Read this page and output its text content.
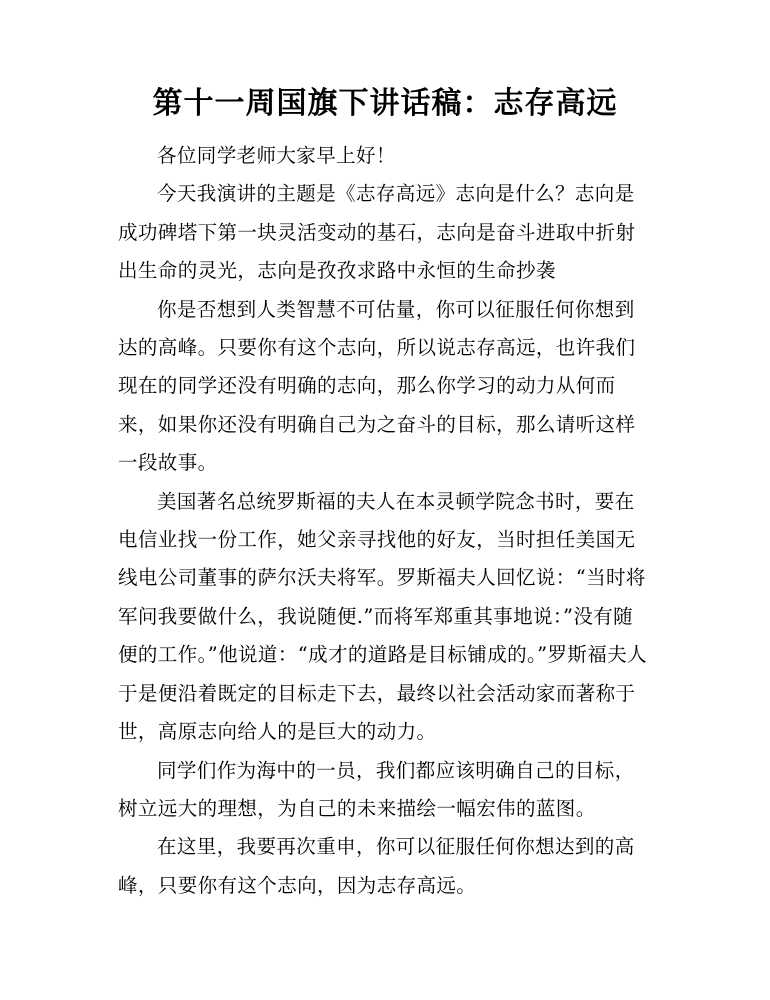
第十一周国旗下讲话稿：志存高远

各位同学老师大家早上好！

今天我演讲的主题是《志存高远》志向是什么？志向是成功碑塔下第一块灵活变动的基石，志向是奋斗进取中折射出生命的灵光，志向是孜孜求路中永恒的生命抄袭

你是否想到人类智慧不可估量，你可以征服任何你想到达的高峰。只要你有这个志向，所以说志存高远，也许我们现在的同学还没有明确的志向，那么你学习的动力从何而来，如果你还没有明确自己为之奋斗的目标，那么请听这样一段故事。

美国著名总统罗斯福的夫人在本灵顿学院念书时，要在电信业找一份工作，她父亲寻找他的好友，当时担任美国无线电公司董事的萨尔沃夫将军。罗斯福夫人回忆说：“当时将军问我要做什么，我说随便.”而将军郑重其事地说：”没有随便的工作。”他说道：“成才的道路是目标铺成的。”罗斯福夫人于是便沿着既定的目标走下去，最终以社会活动家而著称于世，高原志向给人的是巨大的动力。

同学们作为海中的一员，我们都应该明确自己的目标，树立远大的理想，为自己的未来描绘一幅宏伟的蓝图。

在这里，我要再次重申，你可以征服任何你想达到的高峰，只要你有这个志向，因为志存高远。
